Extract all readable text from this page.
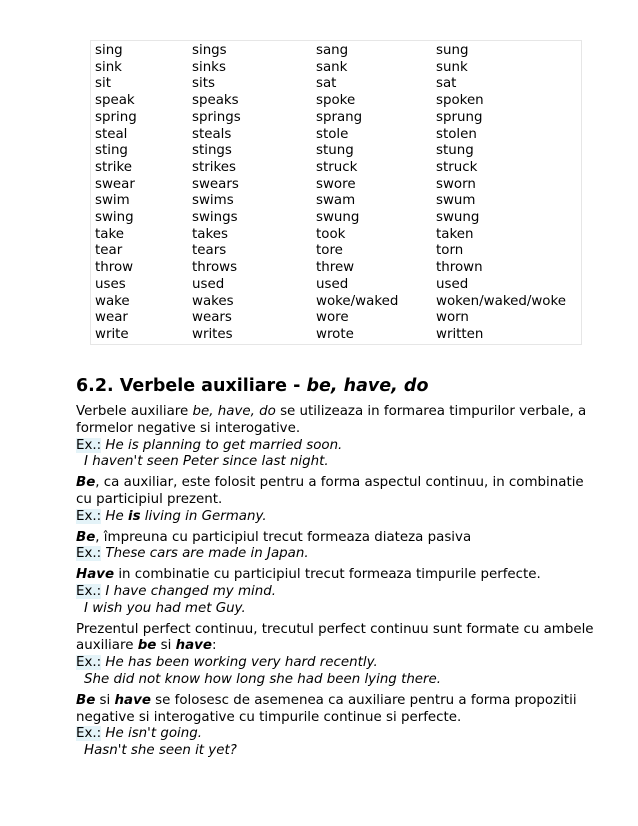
sing	sings	sang	sung
sink	sinks	sank	sunk
sit	sits	sat	sat
speak	speaks	spoke	spoken
spring	springs	sprang	sprung
steal	steals	stole	stolen
sting	stings	stung	stung
strike	strikes	struck	struck
swear	swears	swore	sworn
swim	swims	swam	swum
swing	swings	swung	swung
take	takes	took	taken
tear	tears	tore	torn
throw	throws	threw	thrown
uses	used	used	used
wake	wakes	woke/waked	woken/waked/woke
wear	wears	wore	worn
write	writes	wrote	written
6.2. Verbele auxiliare - be, have, do
Verbele auxiliare be, have, do se utilizeaza in formarea timpurilor verbale, a
formelor negative si interogative.
Ex.: He is planning to get married soon.
I haven't seen Peter since last night.
Be, ca auxiliar, este folosit pentru a forma aspectul continuu, in combinatie
cu participiul prezent.
Ex.: He is living in Germany.
Be, împreuna cu participiul trecut formeaza diateza pasiva
Ex.: These cars are made in Japan.
Have in combinatie cu participiul trecut formeaza timpurile perfecte.
Ex.: I have changed my mind.
I wish you had met Guy.
Prezentul perfect continuu, trecutul perfect continuu sunt formate cu ambele
auxiliare be si have:
Ex.: He has been working very hard recently.
She did not know how long she had been lying there.
Be si have se folosesc de asemenea ca auxiliare pentru a forma propozitii
negative si interogative cu timpurile continue si perfecte.
Ex.: He isn't going.
Hasn't she seen it yet?
